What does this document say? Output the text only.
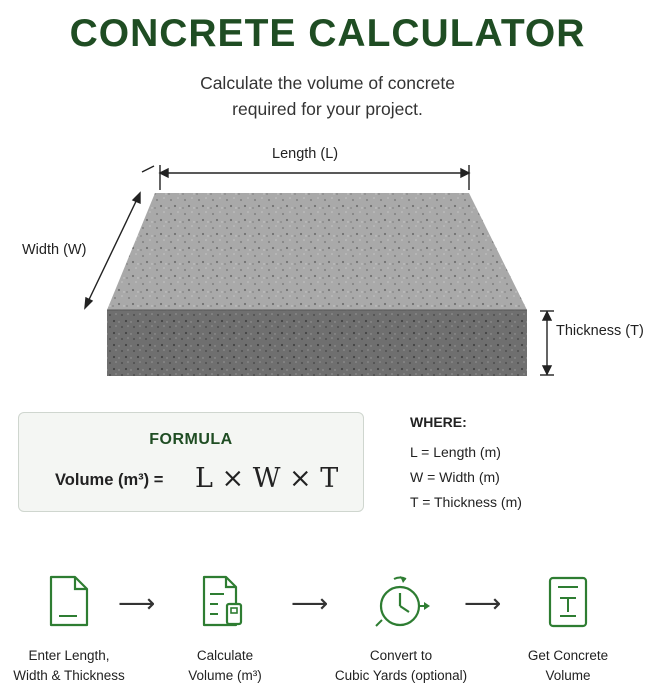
CONCRETE CALCULATOR
Calculate the volume of concrete
required for your project.
Length (L)
Width (W)
Thickness (T)
FORMULA
Volume (m³) = L × W × T
WHERE:
L = Length (m)
W = Width (m)
T = Thickness (m)
⟶	⟶	⟶
Enter Length,
Width & Thickness
Calculate
Volume (m³)
Convert to
Cubic Yards (optional)
Get Concrete
Volume
